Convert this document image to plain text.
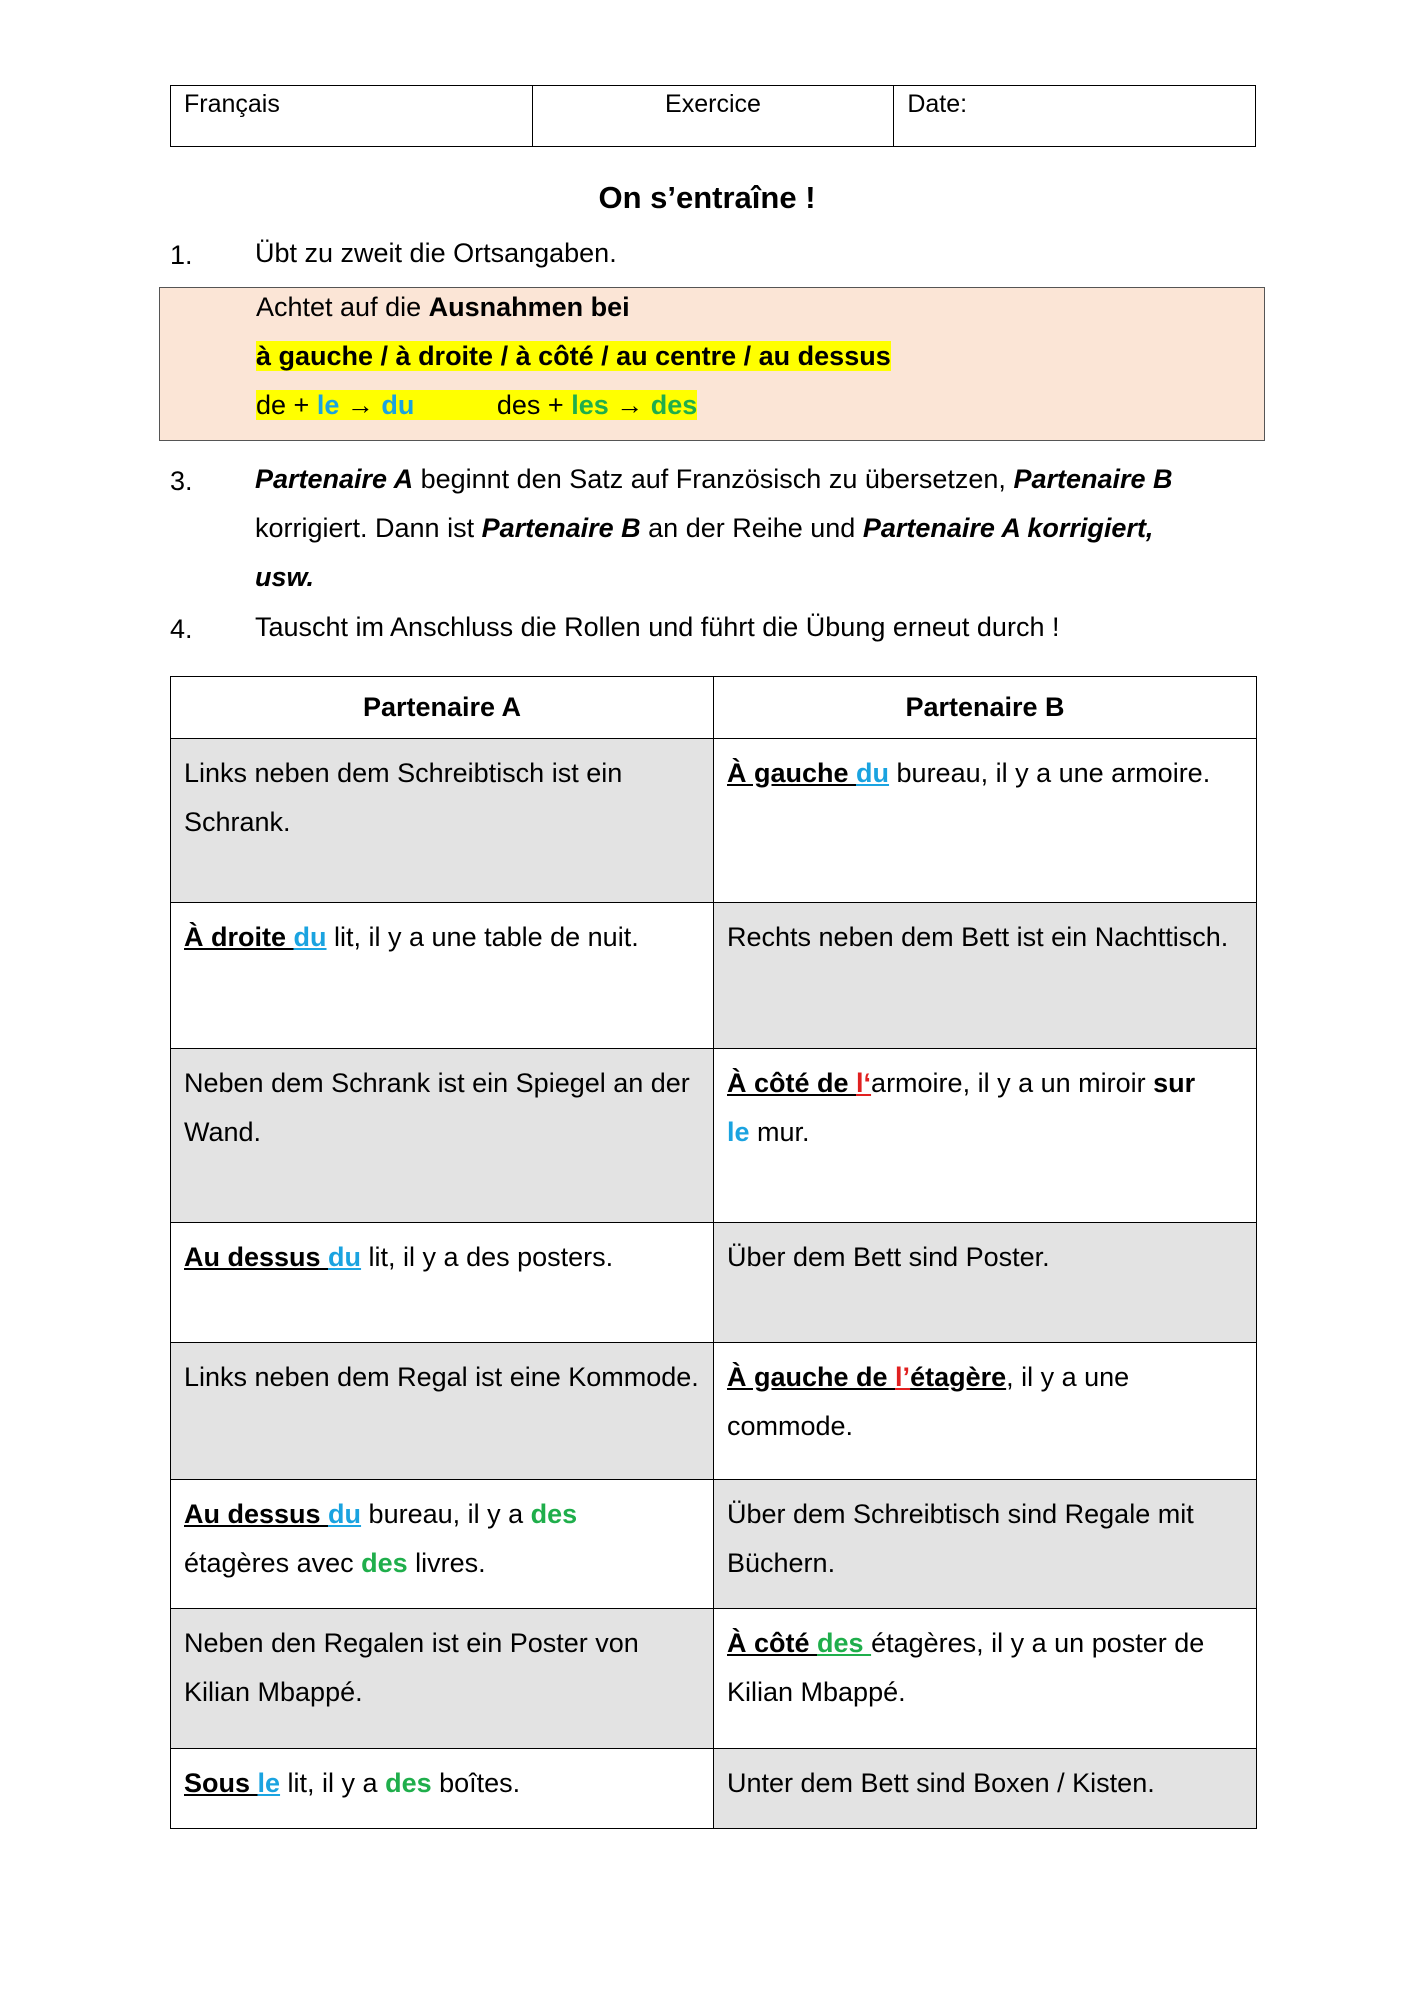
Français	Exercice	Date:
On s’entraîne !
1. Übt zu zweit die Ortsangaben.
Achtet auf die Ausnahmen bei
à gauche / à droite / à côté / au centre / au dessus
de + le → du	des + les → des
3. Partenaire A beginnt den Satz auf Französisch zu übersetzen, Partenaire B
korrigiert. Dann ist Partenaire B an der Reihe und Partenaire A korrigiert,
usw.
4. Tauscht im Anschluss die Rollen und führt die Übung erneut durch !
Partenaire A	Partenaire B
Links neben dem Schreibtisch ist ein Schrank.	À gauche du bureau, il y a une armoire.
À droite du lit, il y a une table de nuit.	Rechts neben dem Bett ist ein Nachttisch.
Neben dem Schrank ist ein Spiegel an der Wand.	À côté de l‘armoire, il y a un miroir sur
le mur.
Au dessus du lit, il y a des posters.	Über dem Bett sind Poster.
Links neben dem Regal ist eine Kommode.	À gauche de l’étagère, il y a une commode.
Au dessus du bureau, il y a des
étagères avec des livres.	Über dem Schreibtisch sind Regale mit Büchern.
Neben den Regalen ist ein Poster von Kilian Mbappé.	À côté des étagères, il y a un poster de Kilian Mbappé.
Sous le lit, il y a des boîtes.	Unter dem Bett sind Boxen / Kisten.
